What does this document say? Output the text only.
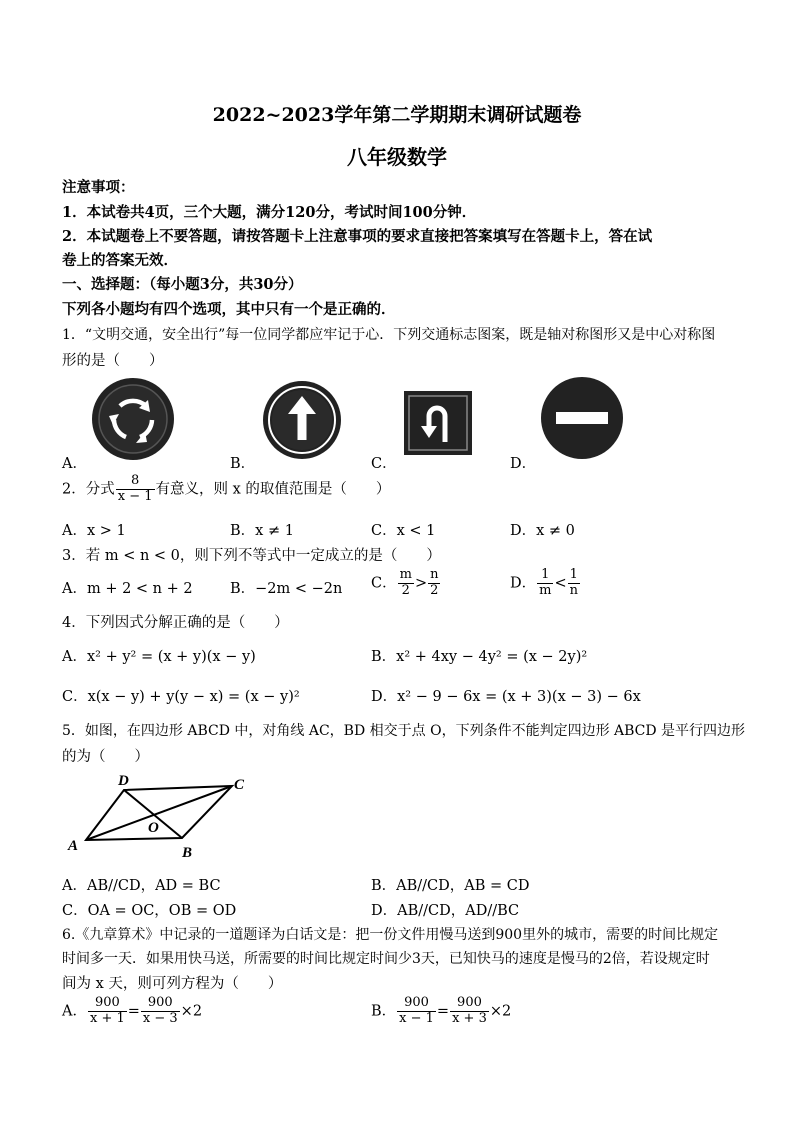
2022~2023学年第二学期期末调研试题卷
八年级数学
注意事项：
1．本试卷共4页，三个大题，满分120分，考试时间100分钟．
2．本试题卷上不要答题，请按答题卡上注意事项的要求直接把答案填写在答题卡上，答在试
卷上的答案无效．
一、选择题：（每小题3分，共30分）
下列各小题均有四个选项，其中只有一个是正确的．
1．“文明交通，安全出行”每一位同学都应牢记于心．下列交通标志图案，既是轴对称图形又是中心对称图
形的是（　　）
A．	B．	C．	D．
2．分式 $\frac{8}{x - 1}$ 有意义，则 x 的取值范围是（　　）
A．x > 1	B．x ≠ 1	C．x < 1	D．x ≠ 0
3．若 m < n < 0，则下列不等式中一定成立的是（　　）
A．m + 2 < n + 2	B．−2m < −2n C． $\frac{m}{2} > \frac{n}{2}$	D． $\frac{1}{m} < \frac{1}{n}$
4．下列因式分解正确的是（　　）
A．x² + y² = (x + y)(x − y)	B．x² + 4xy − 4y² = (x − 2y)²
C．x(x − y) + y(y − x) = (x − y)²	D．x² − 9 − 6x = (x + 3)(x − 3) − 6x
5．如图，在四边形 ABCD 中，对角线 AC，BD 相交于点 O，下列条件不能判定四边形 ABCD 是平行四边形
的为（　　）
A	B
C
D
O
A．AB//CD，AD = BC	B．AB//CD，AB = CD
C．OA = OC，OB = OD	D．AB//CD，AD//BC
6.《九章算术》中记录的一道题译为白话文是：把一份文件用慢马送到900里外的城市，需要的时间比规定
时间多一天．如果用快马送，所需要的时间比规定时间少3天，已知快马的速度是慢马的2倍，若设规定时
间为 x 天，则可列方程为（　　）
A． $\frac{900}{x + 1} = \frac{900}{x - 3} \times 2$	B． $\frac{900}{x - 1} = \frac{900}{x + 3} \times 2$
